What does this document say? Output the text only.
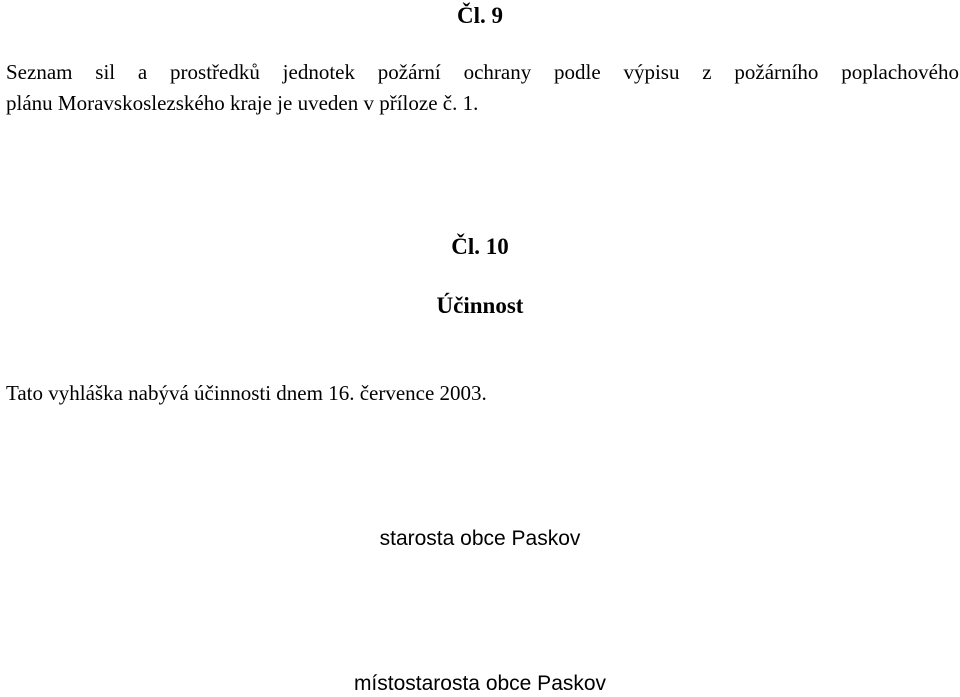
Čl. 9

Seznam sil a prostředků jednotek požární ochrany podle výpisu z požárního poplachového

plánu Moravskoslezského kraje je uveden v příloze č. 1.

Čl. 10
Účinnost

Tato vyhláška nabývá účinnosti dnem 16. července 2003.

starosta obce Paskov

místostarosta obce Paskov
